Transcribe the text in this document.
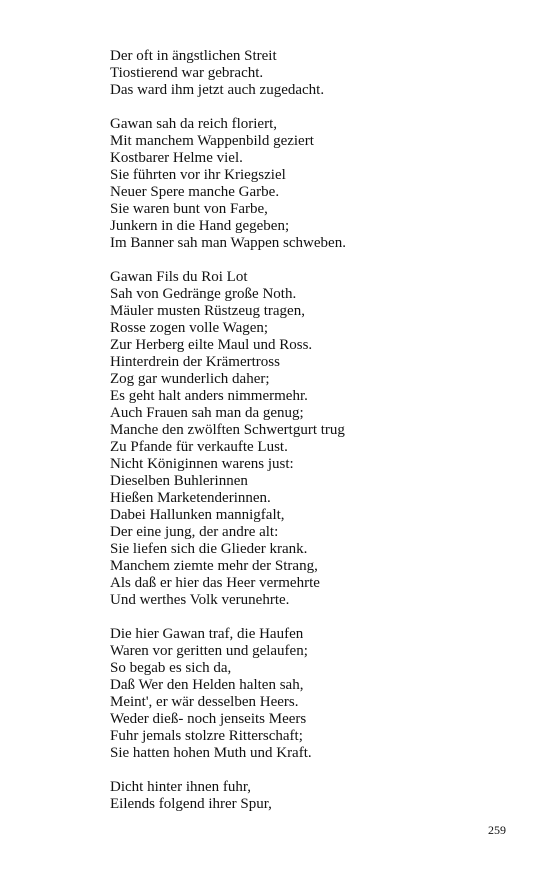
Der oft in ängstlichen Streit
Tiostierend war gebracht.
Das ward ihm jetzt auch zugedacht.
Gawan sah da reich floriert,
Mit manchem Wappenbild geziert
Kostbarer Helme viel.
Sie führten vor ihr Kriegsziel
Neuer Spere manche Garbe.
Sie waren bunt von Farbe,
Junkern in die Hand gegeben;
Im Banner sah man Wappen schweben.
Gawan Fils du Roi Lot
Sah von Gedränge große Noth.
Mäuler musten Rüstzeug tragen,
Rosse zogen volle Wagen;
Zur Herberg eilte Maul und Ross.
Hinterdrein der Krämertross
Zog gar wunderlich daher;
Es geht halt anders nimmermehr.
Auch Frauen sah man da genug;
Manche den zwölften Schwertgurt trug
Zu Pfande für verkaufte Lust.
Nicht Königinnen warens just:
Dieselben Buhlerinnen
Hießen Marketenderinnen.
Dabei Hallunken mannigfalt,
Der eine jung, der andre alt:
Sie liefen sich die Glieder krank.
Manchem ziemte mehr der Strang,
Als daß er hier das Heer vermehrte
Und werthes Volk verunehrte.
Die hier Gawan traf, die Haufen
Waren vor geritten und gelaufen;
So begab es sich da,
Daß Wer den Helden halten sah,
Meint', er wär desselben Heers.
Weder dieß- noch jenseits Meers
Fuhr jemals stolzre Ritterschaft;
Sie hatten hohen Muth und Kraft.
Dicht hinter ihnen fuhr,
Eilends folgend ihrer Spur,
259
